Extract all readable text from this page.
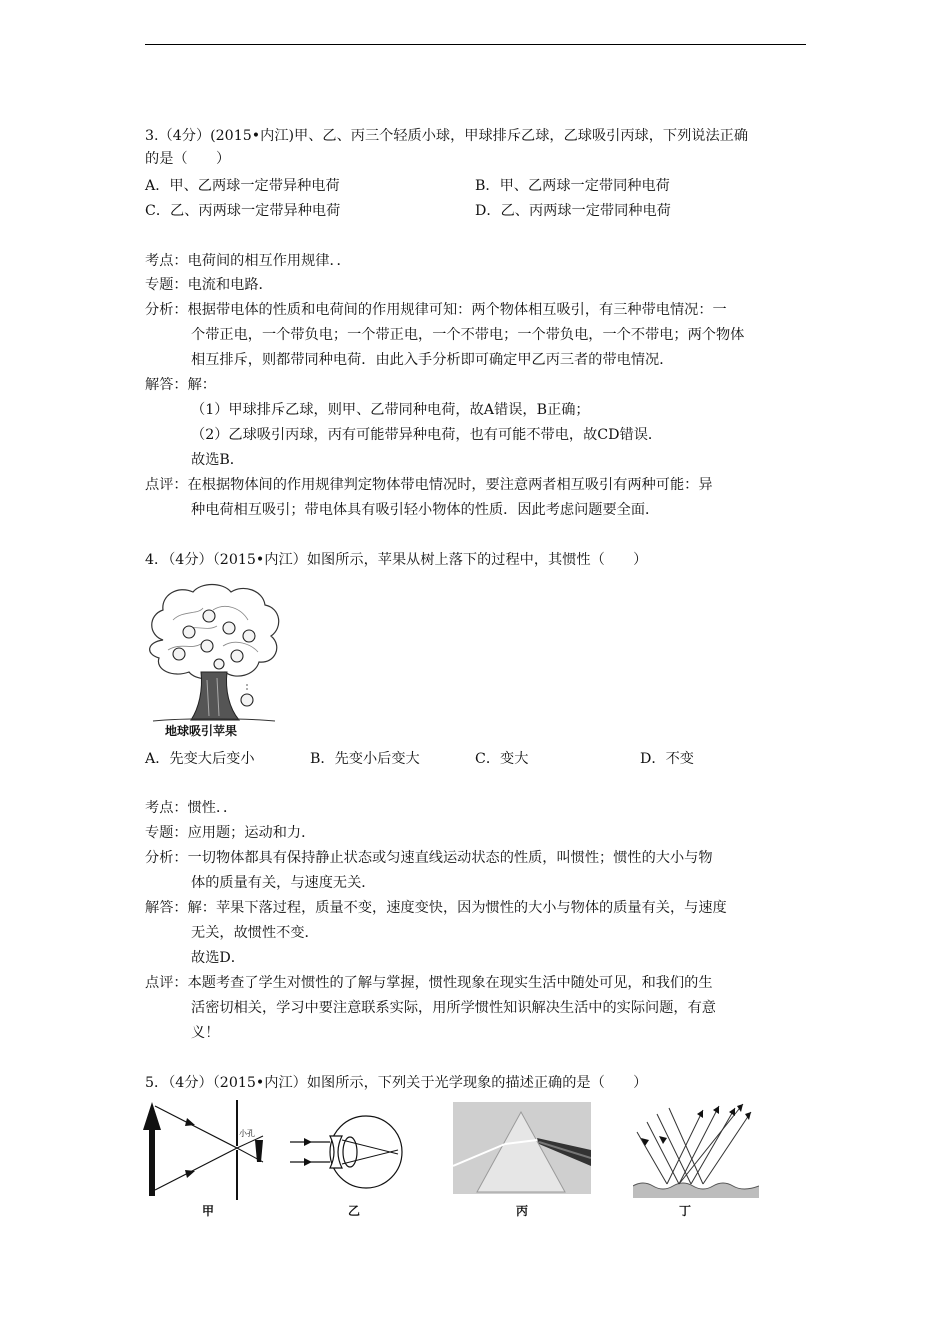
3.（4分）(2015•内江)甲、乙、丙三个轻质小球，甲球排斥乙球，乙球吸引丙球，下列说法正确
的是（　　）
A．甲、乙两球一定带异种电荷	B．甲、乙两球一定带同种电荷
C．乙、丙两球一定带异种电荷	D．乙、丙两球一定带同种电荷
考点：电荷间的相互作用规律．．
专题：电流和电路．
分析：根据带电体的性质和电荷间的作用规律可知：两个物体相互吸引，有三种带电情况：一
个带正电，一个带负电；一个带正电，一个不带电；一个带负电，一个不带电；两个物体
相互排斥，则都带同种电荷．由此入手分析即可确定甲乙丙三者的带电情况．
解答：解：
（1）甲球排斥乙球，则甲、乙带同种电荷，故A错误，B正确；
（2）乙球吸引丙球，丙有可能带异种电荷，也有可能不带电，故CD错误．
故选B．
点评：在根据物体间的作用规律判定物体带电情况时，要注意两者相互吸引有两种可能：异
种电荷相互吸引；带电体具有吸引轻小物体的性质．因此考虑问题要全面．
4．（4分）（2015•内江）如图所示，苹果从树上落下的过程中，其惯性（　　）
地球吸引苹果
A．先变大后变小	B．先变小后变大	C．变大	D．不变
考点：惯性．．
专题：应用题；运动和力．
分析：一切物体都具有保持静止状态或匀速直线运动状态的性质，叫惯性；惯性的大小与物
体的质量有关，与速度无关．
解答：解：苹果下落过程，质量不变，速度变快，因为惯性的大小与物体的质量有关，与速度
无关，故惯性不变．
故选D．
点评：本题考查了学生对惯性的了解与掌握，惯性现象在现实生活中随处可见，和我们的生
活密切相关，学习中要注意联系实际，用所学惯性知识解决生活中的实际问题，有意
义！
5．（4分）（2015•内江）如图所示，下列关于光学现象的描述正确的是（　　）
小孔
甲	乙	丙	丁
